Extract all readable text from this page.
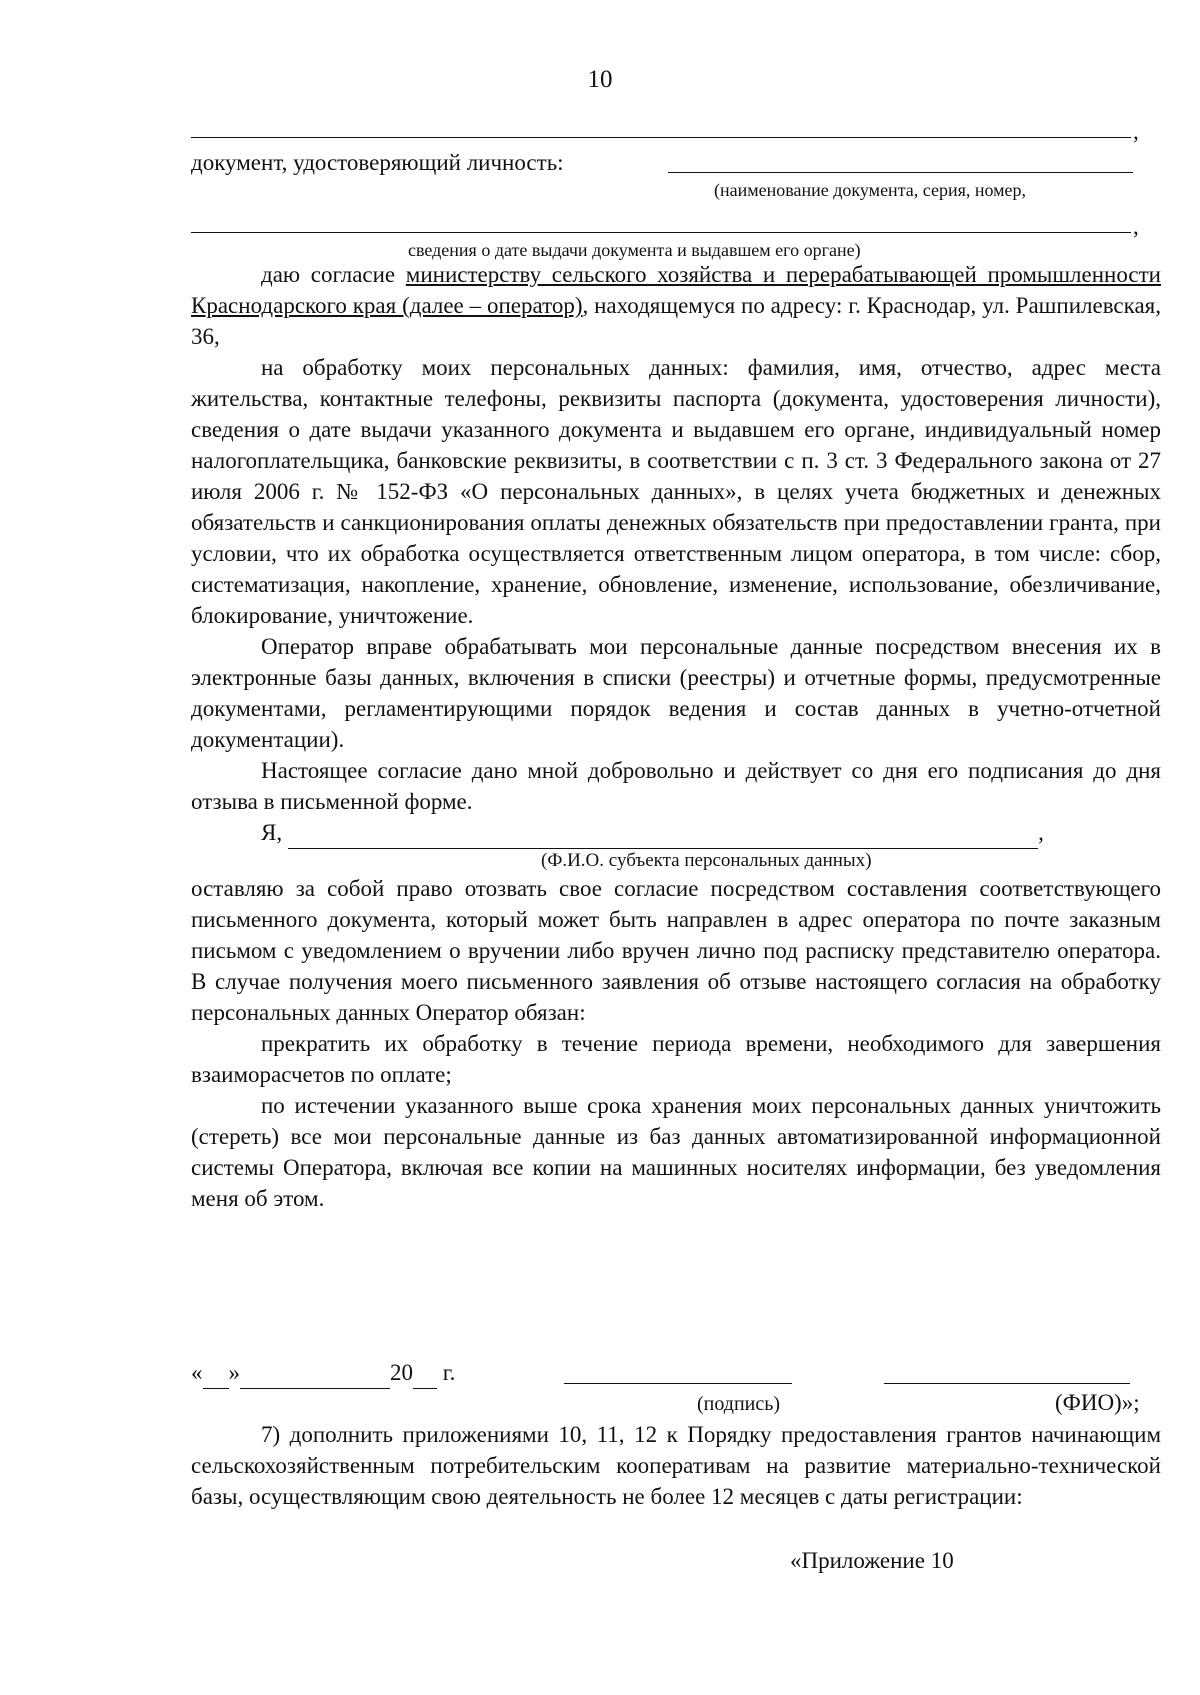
10
,
документ, удостоверяющий личность:
(наименование документа, серия, номер,
,
сведения о дате выдачи документа и выдавшем его органе)

даю согласие министерству сельского хозяйства и перерабатывающей промышленности Краснодарского края (далее – оператор), находящемуся по адресу: г. Краснодар, ул. Рашпилевская, 36,

на обработку моих персональных данных: фамилия, имя, отчество, адрес места жительства, контактные телефоны, реквизиты паспорта (документа, удостоверения личности), сведения о дате выдачи указанного документа и выдавшем его органе, индивидуальный номер налогоплательщика, банковские реквизиты, в соответствии с п. 3 ст. 3 Федерального закона от 27 июля 2006 г. № 152-ФЗ «О персональных данных», в целях учета бюджетных и денежных обязательств и санкционирования оплаты денежных обязательств при предоставлении гранта, при условии, что их обработка осуществляется ответственным лицом оператора, в том числе: сбор, систематизация, накопление, хранение, обновление, изменение, использование, обезличивание, блокирование, уничтожение.

Оператор вправе обрабатывать мои персональные данные посредством внесения их в электронные базы данных, включения в списки (реестры) и отчетные формы, предусмотренные документами, регламентирующими порядок ведения и состав данных в учетно-отчетной документации).

Настоящее согласие дано мной добровольно и действует со дня его подписания до дня отзыва в письменной форме.

Я,	,

(Ф.И.О. субъекта персональных данных)

оставляю за собой право отозвать свое согласие посредством составления соответствующего письменного документа, который может быть направлен в адрес оператора по почте заказным письмом с уведомлением о вручении либо вручен лично под расписку представителю оператора. В случае получения моего письменного заявления об отзыве настоящего согласия на обработку персональных данных Оператор обязан:

прекратить их обработку в течение периода времени, необходимого для завершения взаиморасчетов по оплате;

по истечении указанного выше срока хранения моих персональных данных уничтожить (стереть) все мои персональные данные из баз данных автоматизированной информационной системы Оператора, включая все копии на машинных носителях информации, без уведомления меня об этом.

« »	20 г.
(подпись)	(ФИО)»;

7) дополнить приложениями 10, 11, 12 к Порядку предоставления грантов начинающим сельскохозяйственным потребительским кооперативам на развитие материально-технической базы, осуществляющим свою деятельность не более 12 месяцев с даты регистрации:

«Приложение 10
